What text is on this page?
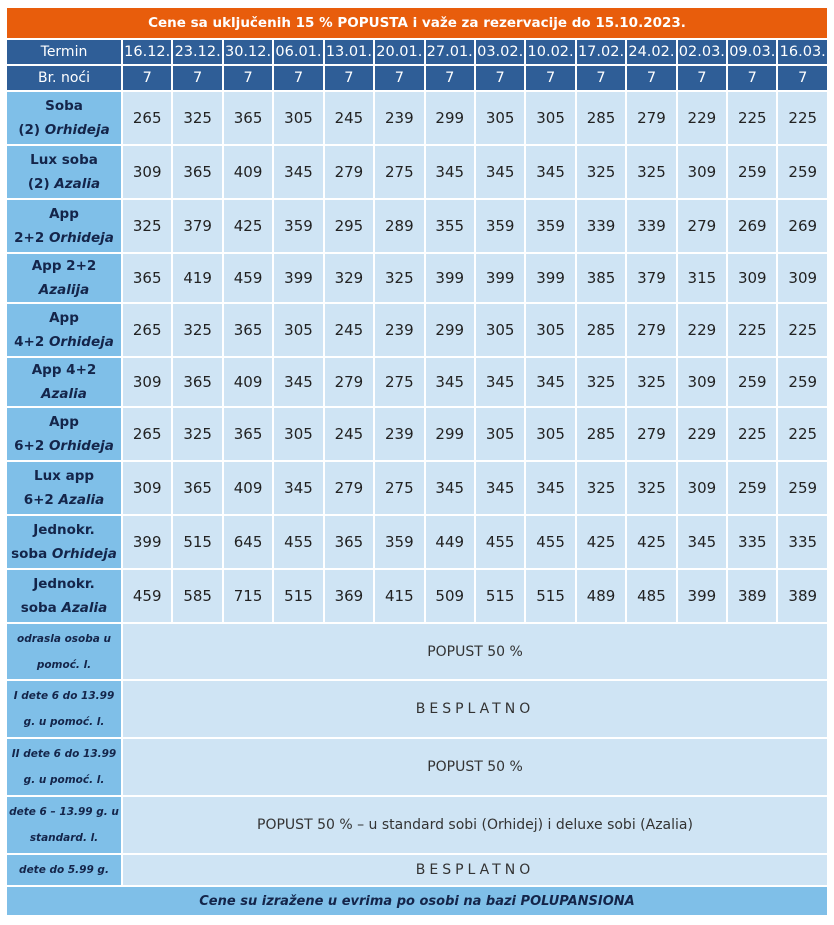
Cene sa uključenih 15 % POPUSTA i važe za rezervacije do 15.10.2023.														
Termin	16.12.	23.12.	30.12.	06.01.	13.01.	20.01.	27.01.	03.02.	10.02.	17.02.	24.02.	02.03.	09.03.	16.03.
Br. noći	7	7	7	7	7	7	7	7	7	7	7	7	7	7
Soba
(2) Orhideja	265	325	365	305	245	239	299	305	305	285	279	229	225	225
Lux soba
(2) Azalia	309	365	409	345	279	275	345	345	345	325	325	309	259	259
App
2+2 Orhideja	325	379	425	359	295	289	355	359	359	339	339	279	269	269
App 2+2 Azalija	365	419	459	399	329	325	399	399	399	385	379	315	309	309
App
4+2 Orhideja	265	325	365	305	245	239	299	305	305	285	279	229	225	225
App 4+2 Azalia	309	365	409	345	279	275	345	345	345	325	325	309	259	259
App
6+2 Orhideja	265	325	365	305	245	239	299	305	305	285	279	229	225	225
Lux app
6+2 Azalia	309	365	409	345	279	275	345	345	345	325	325	309	259	259
Jednokr.
soba Orhideja	399	515	645	455	365	359	449	455	455	425	425	345	335	335
Jednokr.
soba Azalia	459	585	715	515	369	415	509	515	515	489	485	399	389	389
odrasla osoba u pomoć. l.	POPUST 50 %													
I dete 6 do 13.99 g. u pomoć. l.	BESPLATNO													
II dete 6 do 13.99 g. u pomoć. l.	POPUST 50 %													
dete 6 – 13.99 g. u standard. l.	POPUST 50 % – u standard sobi (Orhidej) i deluxe sobi (Azalia)													
dete do 5.99 g.	BESPLATNO													
Cene su izražene u evrima po osobi na bazi POLUPANSIONA														
